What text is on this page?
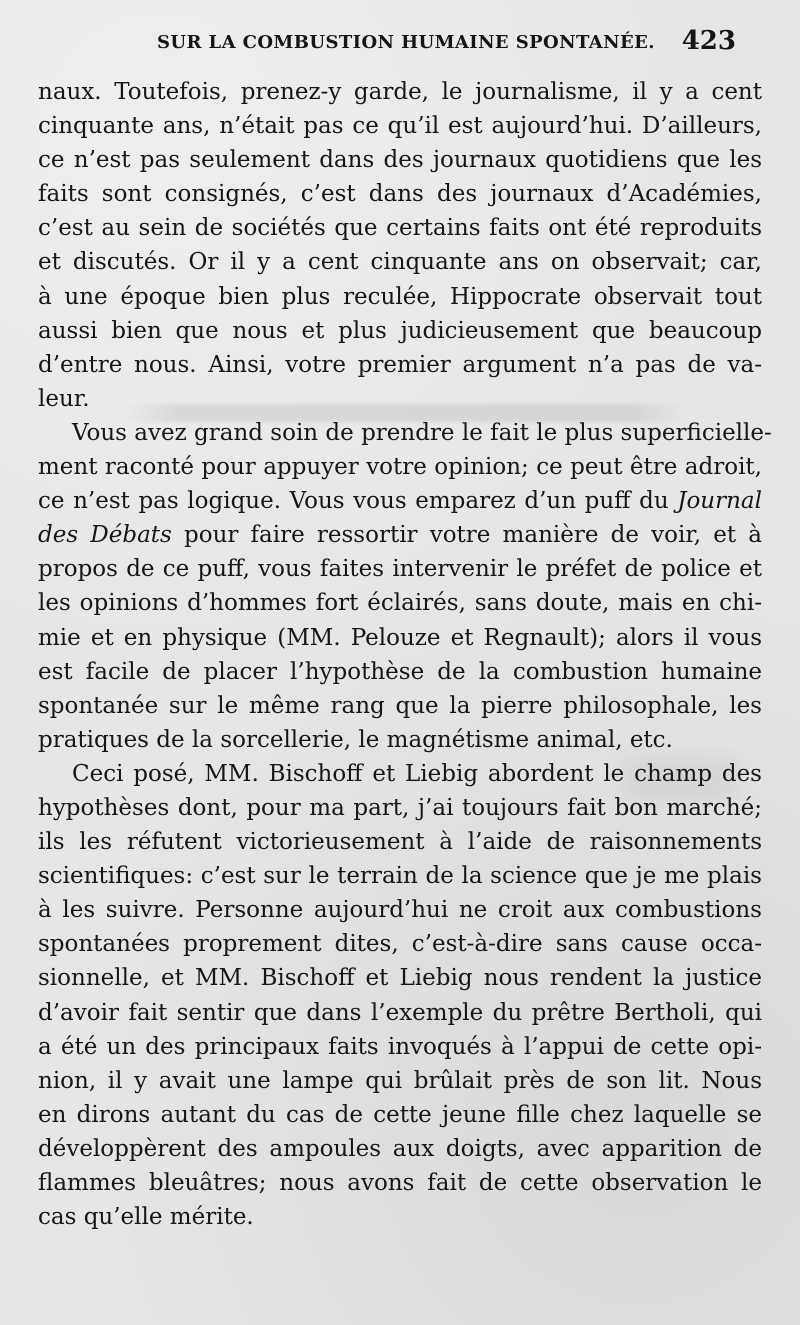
SUR LA COMBUSTION HUMAINE SPONTANÉE. 423
naux. Toutefois, prenez-y garde, le journalisme, il y a cent
cinquante ans, n’était pas ce qu’il est aujourd’hui. D’ailleurs,
ce n’est pas seulement dans des journaux quotidiens que les
faits sont consignés, c’est dans des journaux d’Académies,
c’est au sein de sociétés que certains faits ont été reproduits
et discutés. Or il y a cent cinquante ans on observait; car,
à une époque bien plus reculée, Hippocrate observait tout
aussi bien que nous et plus judicieusement que beaucoup
d’entre nous. Ainsi, votre premier argument n’a pas de va-
leur.
Vous avez grand soin de prendre le fait le plus superficielle-
ment raconté pour appuyer votre opinion; ce peut être adroit,
ce n’est pas logique. Vous vous emparez d’un puff du Journal
des Débats pour faire ressortir votre manière de voir, et à
propos de ce puff, vous faites intervenir le préfet de police et
les opinions d’hommes fort éclairés, sans doute, mais en chi-
mie et en physique (MM. Pelouze et Regnault); alors il vous
est facile de placer l’hypothèse de la combustion humaine
spontanée sur le même rang que la pierre philosophale, les
pratiques de la sorcellerie, le magnétisme animal, etc.
Ceci posé, MM. Bischoff et Liebig abordent le champ des
hypothèses dont, pour ma part, j’ai toujours fait bon marché;
ils les réfutent victorieusement à l’aide de raisonnements
scientifiques: c’est sur le terrain de la science que je me plais
à les suivre. Personne aujourd’hui ne croit aux combustions
spontanées proprement dites, c’est-à-dire sans cause occa-
sionnelle, et MM. Bischoff et Liebig nous rendent la justice
d’avoir fait sentir que dans l’exemple du prêtre Bertholi, qui
a été un des principaux faits invoqués à l’appui de cette opi-
nion, il y avait une lampe qui brûlait près de son lit. Nous
en dirons autant du cas de cette jeune fille chez laquelle se
développèrent des ampoules aux doigts, avec apparition de
flammes bleuâtres; nous avons fait de cette observation le
cas qu’elle mérite.
